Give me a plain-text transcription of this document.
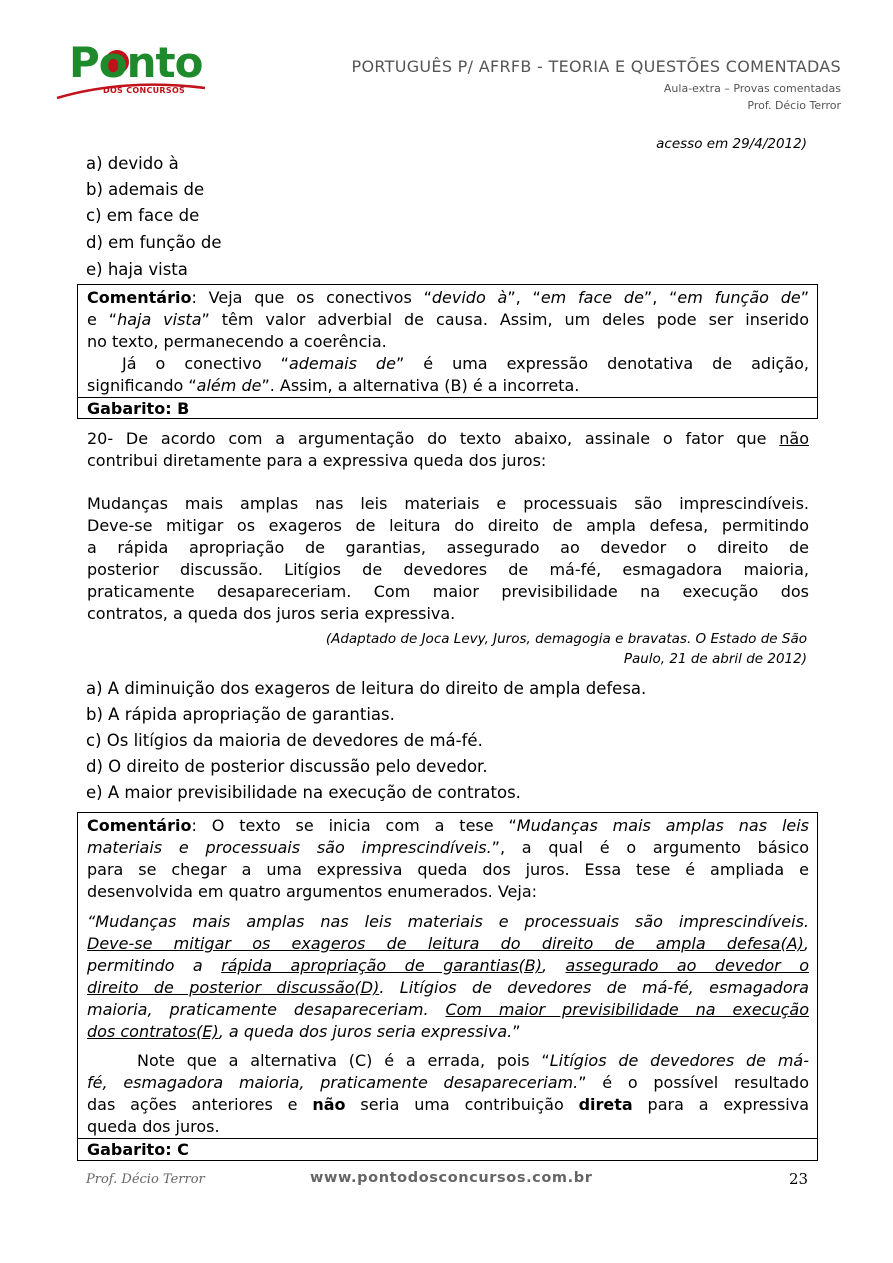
Ponto
DOS CONCURSOS
PORTUGUÊS P/ AFRFB - TEORIA E QUESTÕES COMENTADAS
Aula-extra – Provas comentadas
Prof. Décio Terror
acesso em 29/4/2012)
a) devido à
b) ademais de
c) em face de
d) em função de
e) haja vista
Comentário: Veja que os conectivos “devido à”, “em face de”, “em função de”
e “haja vista” têm valor adverbial de causa. Assim, um deles pode ser inserido
no texto, permanecendo a coerência.
Já o conectivo “ademais de” é uma expressão denotativa de adição,
significando “além de”. Assim, a alternativa (B) é a incorreta.
Gabarito: B
20- De acordo com a argumentação do texto abaixo, assinale o fator que não
contribui diretamente para a expressiva queda dos juros:
Mudanças mais amplas nas leis materiais e processuais são imprescindíveis.
Deve-se mitigar os exageros de leitura do direito de ampla defesa, permitindo
a rápida apropriação de garantias, assegurado ao devedor o direito de
posterior discussão. Litígios de devedores de má-fé, esmagadora maioria,
praticamente desapareceriam. Com maior previsibilidade na execução dos
contratos, a queda dos juros seria expressiva.
(Adaptado de Joca Levy, Juros, demagogia e bravatas. O Estado de São
Paulo, 21 de abril de 2012)
a) A diminuição dos exageros de leitura do direito de ampla defesa.
b) A rápida apropriação de garantias.
c) Os litígios da maioria de devedores de má-fé.
d) O direito de posterior discussão pelo devedor.
e) A maior previsibilidade na execução de contratos.
Comentário: O texto se inicia com a tese “Mudanças mais amplas nas leis
materiais e processuais são imprescindíveis.”, a qual é o argumento básico
para se chegar a uma expressiva queda dos juros. Essa tese é ampliada e
desenvolvida em quatro argumentos enumerados. Veja:
“Mudanças mais amplas nas leis materiais e processuais são imprescindíveis.
Deve-se mitigar os exageros de leitura do direito de ampla defesa(A),
permitindo a rápida apropriação de garantias(B), assegurado ao devedor o
direito de posterior discussão(D). Litígios de devedores de má-fé, esmagadora
maioria, praticamente desapareceriam. Com maior previsibilidade na execução
dos contratos(E), a queda dos juros seria expressiva.”
Note que a alternativa (C) é a errada, pois “Litígios de devedores de má-
fé, esmagadora maioria, praticamente desapareceriam.” é o possível resultado
das ações anteriores e não seria uma contribuição direta para a expressiva
queda dos juros.
Gabarito: C
Prof. Décio Terror	www.pontodosconcursos.com.br	23
